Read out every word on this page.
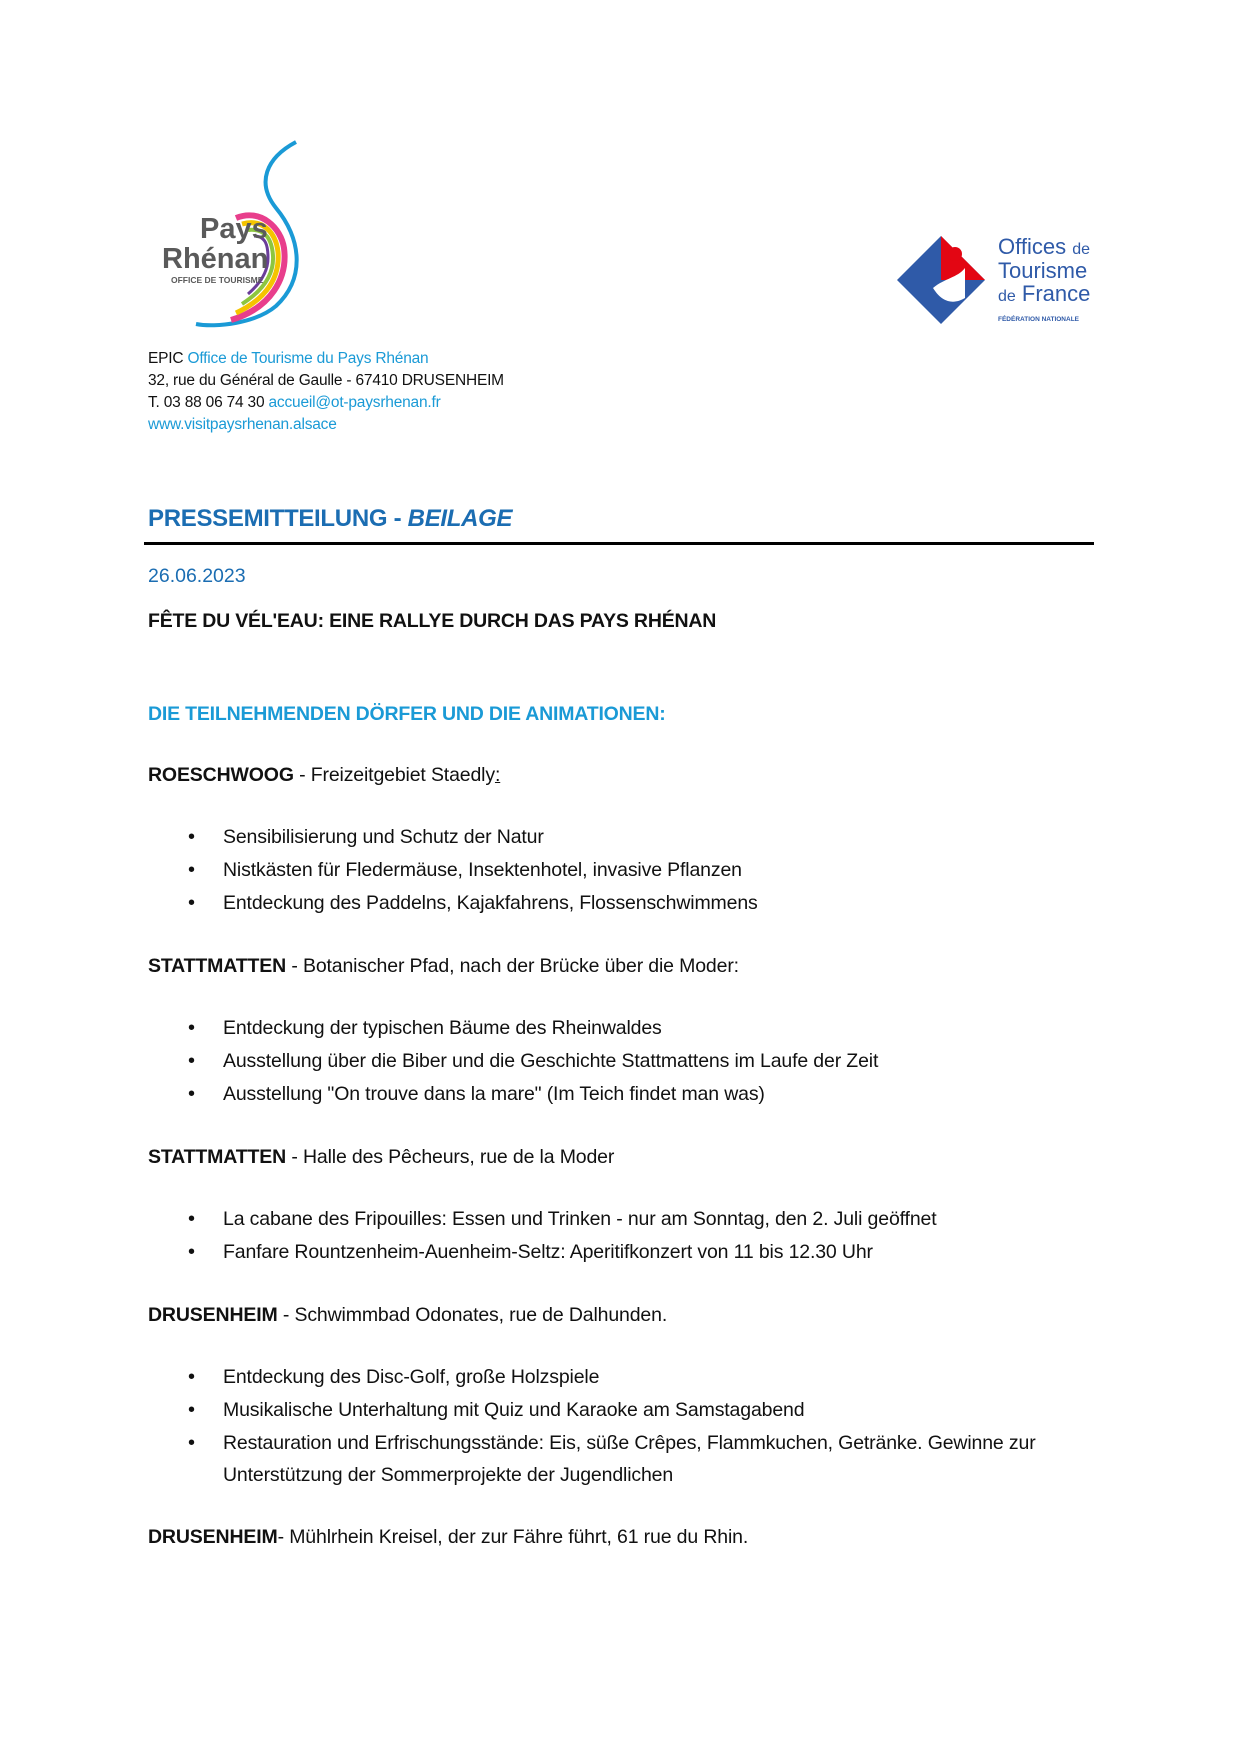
Pays
Rhénan
OFFICE DE TOURISME
Offices de
Tourisme
de France
FÉDÉRATION NATIONALE
EPIC Office de Tourisme du Pays Rhénan
32, rue du Général de Gaulle - 67410 DRUSENHEIM
T. 03 88 06 74 30 accueil@ot-paysrhenan.fr
www.visitpaysrhenan.alsace
PRESSEMITTEILUNG - BEILAGE
26.06.2023
FÊTE DU VÉL'EAU: EINE RALLYE DURCH DAS PAYS RHÉNAN
DIE TEILNEHMENDEN DÖRFER UND DIE ANIMATIONEN:

ROESCHWOOG - Freizeitgebiet Staedly:

• Sensibilisierung und Schutz der Natur
• Nistkästen für Fledermäuse, Insektenhotel, invasive Pflanzen
• Entdeckung des Paddelns, Kajakfahrens, Flossenschwimmens

STATTMATTEN - Botanischer Pfad, nach der Brücke über die Moder:

• Entdeckung der typischen Bäume des Rheinwaldes
• Ausstellung über die Biber und die Geschichte Stattmattens im Laufe der Zeit
• Ausstellung "On trouve dans la mare" (Im Teich findet man was)

STATTMATTEN - Halle des Pêcheurs, rue de la Moder

• La cabane des Fripouilles: Essen und Trinken - nur am Sonntag, den 2. Juli geöffnet
• Fanfare Rountzenheim-Auenheim-Seltz: Aperitifkonzert von 11 bis 12.30 Uhr

DRUSENHEIM - Schwimmbad Odonates, rue de Dalhunden.

• Entdeckung des Disc-Golf, große Holzspiele
• Musikalische Unterhaltung mit Quiz und Karaoke am Samstagabend
• Restauration und Erfrischungsstände: Eis, süße Crêpes, Flammkuchen, Getränke. Gewinne zur Unterstützung der Sommerprojekte der Jugendlichen

DRUSENHEIM- Mühlrhein Kreisel, der zur Fähre führt, 61 rue du Rhin.
